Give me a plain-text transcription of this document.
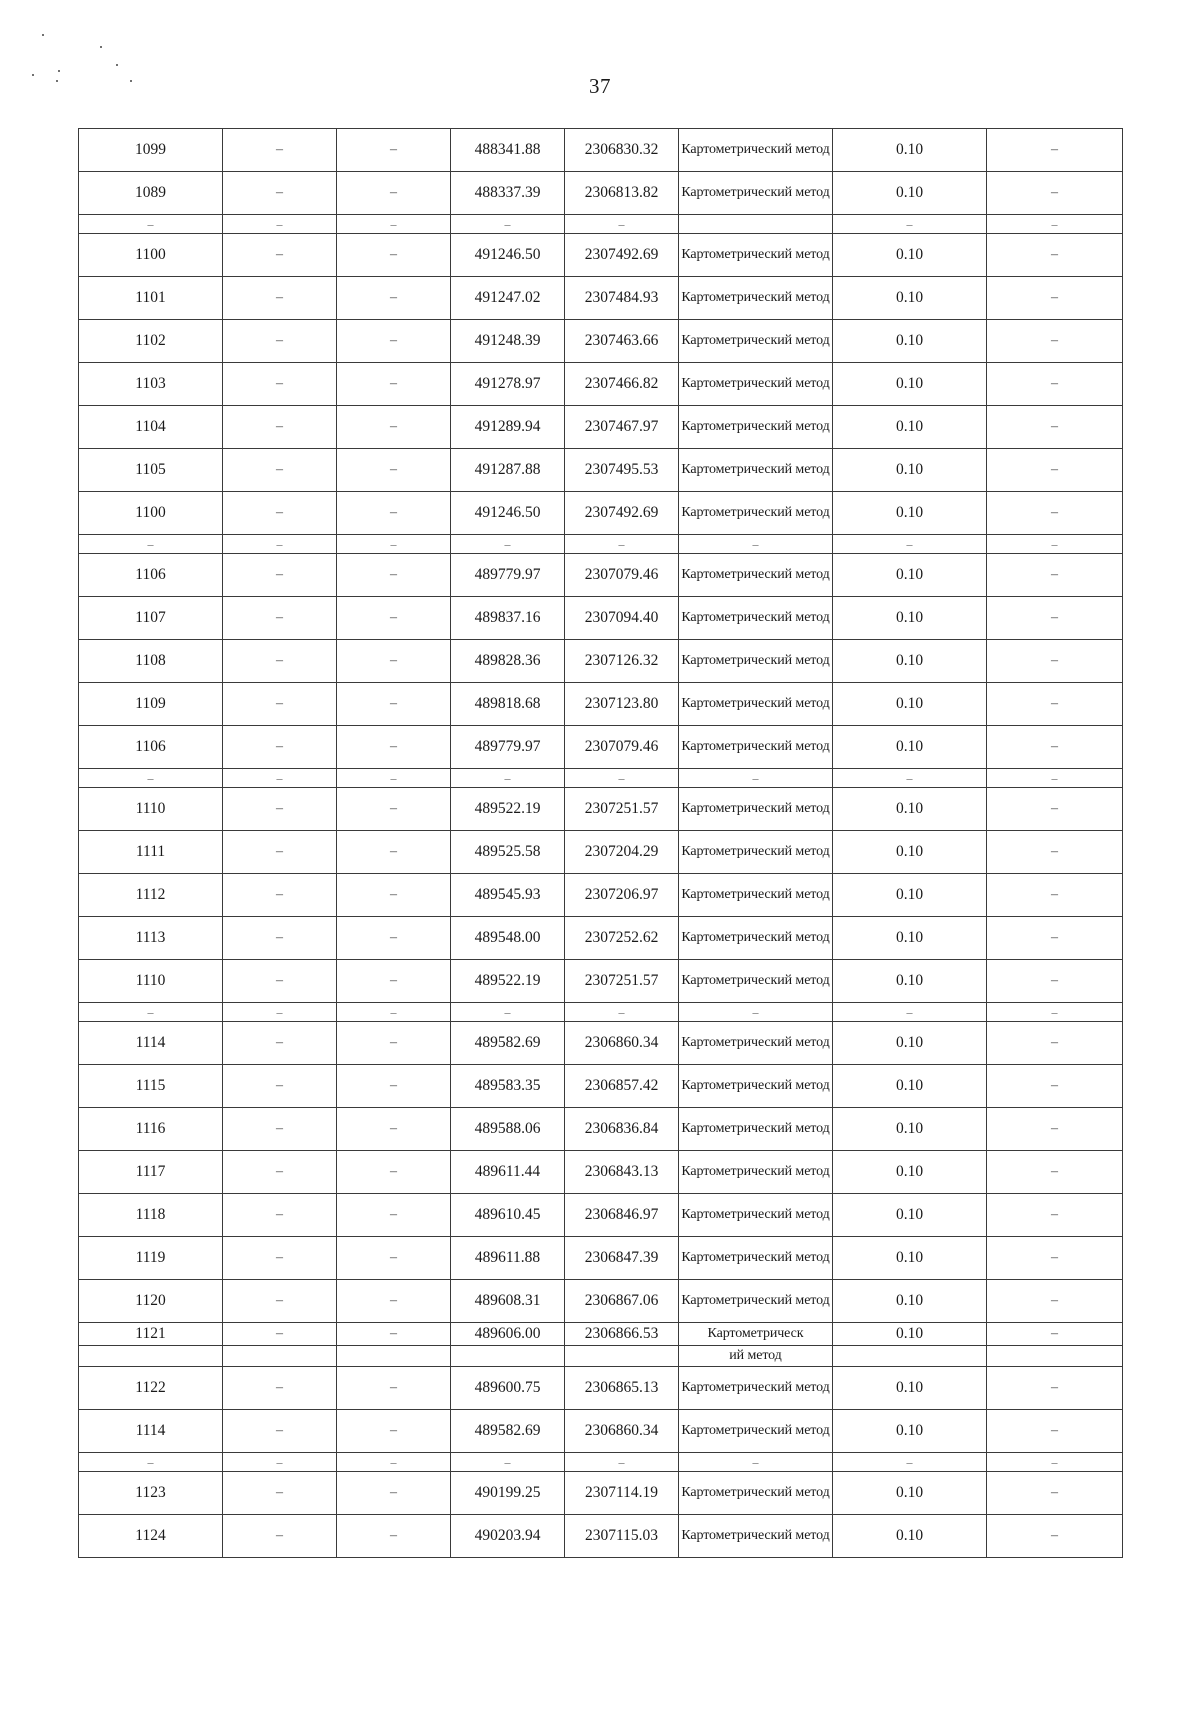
37
1099	–	–	488341.88	2306830.32	Картометрический метод	0.10	–
1089	–	–	488337.39	2306813.82	Картометрический метод	0.10	–
–	–	–	–	–		–	–
1100	–	–	491246.50	2307492.69	Картометрический метод	0.10	–
1101	–	–	491247.02	2307484.93	Картометрический метод	0.10	–
1102	–	–	491248.39	2307463.66	Картометрический метод	0.10	–
1103	–	–	491278.97	2307466.82	Картометрический метод	0.10	–
1104	–	–	491289.94	2307467.97	Картометрический метод	0.10	–
1105	–	–	491287.88	2307495.53	Картометрический метод	0.10	–
1100	–	–	491246.50	2307492.69	Картометрический метод	0.10	–
–	–	–	–	–	–	–	–
1106	–	–	489779.97	2307079.46	Картометрический метод	0.10	–
1107	–	–	489837.16	2307094.40	Картометрический метод	0.10	–
1108	–	–	489828.36	2307126.32	Картометрический метод	0.10	–
1109	–	–	489818.68	2307123.80	Картометрический метод	0.10	–
1106	–	–	489779.97	2307079.46	Картометрический метод	0.10	–
–	–	–	–	–	–	–	–
1110	–	–	489522.19	2307251.57	Картометрический метод	0.10	–
1111	–	–	489525.58	2307204.29	Картометрический метод	0.10	–
1112	–	–	489545.93	2307206.97	Картометрический метод	0.10	–
1113	–	–	489548.00	2307252.62	Картометрический метод	0.10	–
1110	–	–	489522.19	2307251.57	Картометрический метод	0.10	–
–	–	–	–	–	–	–	–
1114	–	–	489582.69	2306860.34	Картометрический метод	0.10	–
1115	–	–	489583.35	2306857.42	Картометрический метод	0.10	–
1116	–	–	489588.06	2306836.84	Картометрический метод	0.10	–
1117	–	–	489611.44	2306843.13	Картометрический метод	0.10	–
1118	–	–	489610.45	2306846.97	Картометрический метод	0.10	–
1119	–	–	489611.88	2306847.39	Картометрический метод	0.10	–
1120	–	–	489608.31	2306867.06	Картометрический метод	0.10	–
1121	–	–	489606.00	2306866.53	Картометрическ	0.10	–
					ий метод		
1122	–	–	489600.75	2306865.13	Картометрический метод	0.10	–
1114	–	–	489582.69	2306860.34	Картометрический метод	0.10	–
–	–	–	–	–	–	–	–
1123	–	–	490199.25	2307114.19	Картометрический метод	0.10	–
1124	–	–	490203.94	2307115.03	Картометрический метод	0.10	–
